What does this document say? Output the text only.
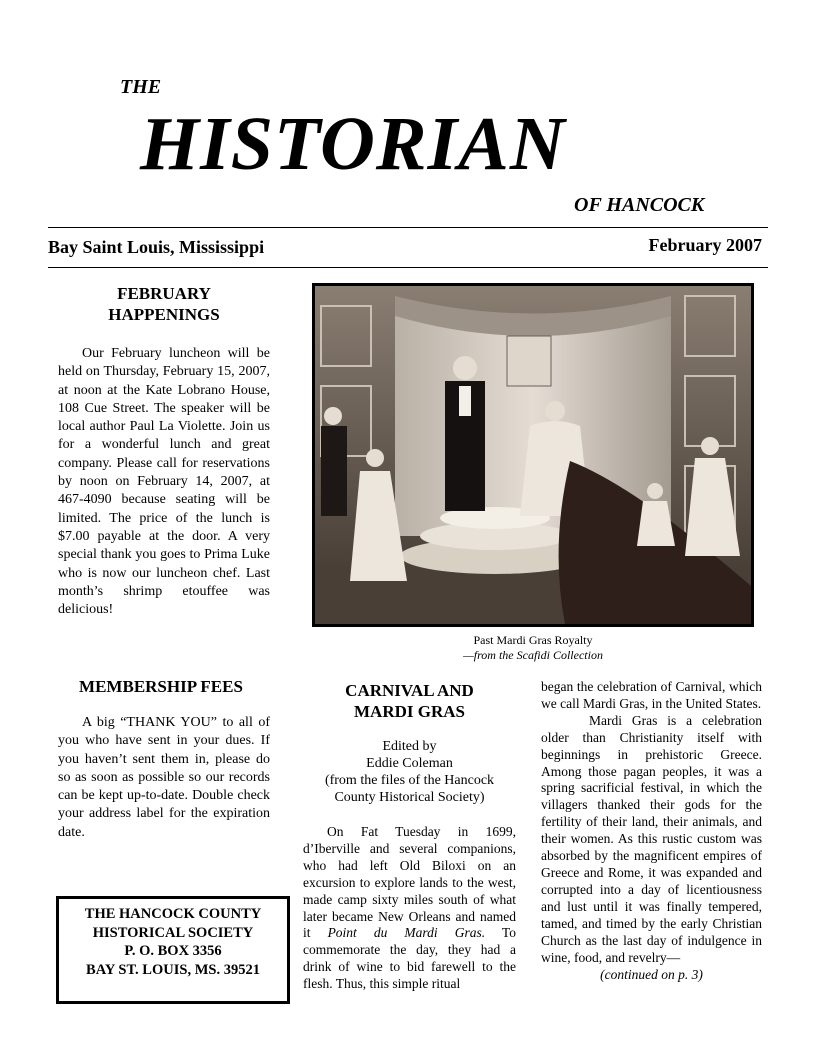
THE
HISTORIAN
OF HANCOCK
Bay Saint Louis, Mississippi	February 2007
FEBRUARY
HAPPENINGS

Our February luncheon will be held on Thursday, February 15, 2007, at noon at the Kate Lobrano House, 108 Cue Street. The speaker will be local author Paul La Violette. Join us for a wonderful lunch and great company. Please call for reservations by noon on February 14, 2007, at 467-4090 because seating will be limited. The price of the lunch is $7.00 payable at the door. A very special thank you goes to Prima Luke who is now our luncheon chef. Last month’s shrimp etouffee was delicious!

MEMBERSHIP FEES

A big “THANK YOU” to all of you who have sent in your dues. If you haven’t sent them in, please do so as soon as possible so our records can be kept up-to-date. Double check your address label for the expiration date.

THE HANCOCK COUNTY
HISTORICAL SOCIETY
P. O. BOX 3356
BAY ST. LOUIS, MS. 39521
Past Mardi Gras Royalty
—from the Scafidi Collection
CARNIVAL AND
MARDI GRAS
Edited by
Eddie Coleman
(from the files of the Hancock
County Historical Society)

On Fat Tuesday in 1699, d’Iberville and several companions, who had left Old Biloxi on an excursion to explore lands to the west, made camp sixty miles south of what later became New Orleans and named it Point du Mardi Gras. To commemorate the day, they had a drink of wine to bid farewell to the flesh. Thus, this simple ritual

began the celebration of Carnival, which we call Mardi Gras, in the United States.

Mardi Gras is a celebration older than Christianity itself with beginnings in prehistoric Greece. Among those pagan peoples, it was a spring sacrificial festival, in which the villagers thanked their gods for the fertility of their land, their animals, and their women. As this rustic custom was absorbed by the magnificent empires of Greece and Rome, it was expanded and corrupted into a day of licentiousness and lust until it was finally tempered, tamed, and timed by the early Christian Church as the last day of indulgence in wine, food, and revelry—

(continued on p. 3)
